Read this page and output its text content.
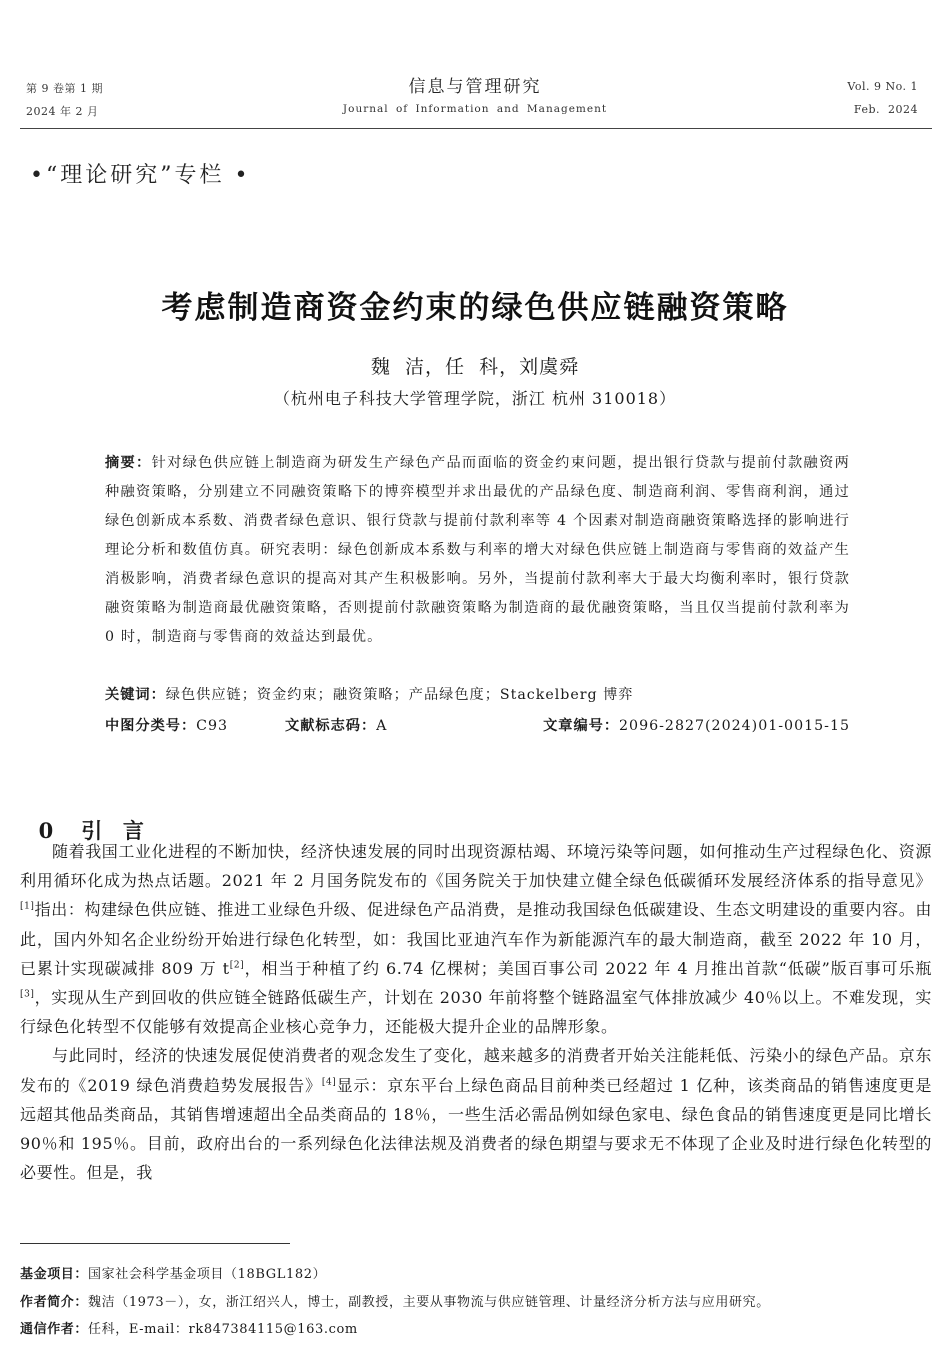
第 9 卷第 1 期
2024 年 2 月
信息与管理研究
Journal of Information and Management
Vol. 9 No. 1
Feb.  2024
•“理论研究”专栏 •
考虑制造商资金约束的绿色供应链融资策略
魏  洁，任  科，刘虞舜
（杭州电子科技大学管理学院，浙江 杭州 310018）
摘要：针对绿色供应链上制造商为研发生产绿色产品而面临的资金约束问题，提出银行贷款与提前付款融资两种融资策略，分别建立不同融资策略下的博弈模型并求出最优的产品绿色度、制造商利润、零售商利润，通过绿色创新成本系数、消费者绿色意识、银行贷款与提前付款利率等 4 个因素对制造商融资策略选择的影响进行理论分析和数值仿真。研究表明：绿色创新成本系数与利率的增大对绿色供应链上制造商与零售商的效益产生消极影响，消费者绿色意识的提高对其产生积极影响。另外，当提前付款利率大于最大均衡利率时，银行贷款融资策略为制造商最优融资策略，否则提前付款融资策略为制造商的最优融资策略，当且仅当提前付款利率为 0 时，制造商与零售商的效益达到最优。
关键词：绿色供应链；资金约束；融资策略；产品绿色度；Stackelberg 博弈
中图分类号：C93	文献标志码：A	文章编号：2096-2827(2024)01-0015-15

0 引  言

随着我国工业化进程的不断加快，经济快速发展的同时出现资源枯竭、环境污染等问题，如何推动生产过程绿色化、资源利用循环化成为热点话题。2021 年 2 月国务院发布的《国务院关于加快建立健全绿色低碳循环发展经济体系的指导意见》[1]指出：构建绿色供应链、推进工业绿色升级、促进绿色产品消费，是推动我国绿色低碳建设、生态文明建设的重要内容。由此，国内外知名企业纷纷开始进行绿色化转型，如：我国比亚迪汽车作为新能源汽车的最大制造商，截至 2022 年 10 月，已累计实现碳减排 809 万 t[2]，相当于种植了约 6.74 亿棵树；美国百事公司 2022 年 4 月推出首款“低碳”版百事可乐瓶[3]，实现从生产到回收的供应链全链路低碳生产，计划在 2030 年前将整个链路温室气体排放减少 40％以上。不难发现，实行绿色化转型不仅能够有效提高企业核心竞争力，还能极大提升企业的品牌形象。

与此同时，经济的快速发展促使消费者的观念发生了变化，越来越多的消费者开始关注能耗低、污染小的绿色产品。京东发布的《2019 绿色消费趋势发展报告》[4]显示：京东平台上绿色商品目前种类已经超过 1 亿种，该类商品的销售速度更是远超其他品类商品，其销售增速超出全品类商品的 18％，一些生活必需品例如绿色家电、绿色食品的销售速度更是同比增长 90％和 195％。目前，政府出台的一系列绿色化法律法规及消费者的绿色期望与要求无不体现了企业及时进行绿色化转型的必要性。但是，我

基金项目：国家社会科学基金项目（18BGL182）
作者简介：魏洁（1973－），女，浙江绍兴人，博士，副教授，主要从事物流与供应链管理、计量经济分析方法与应用研究。
通信作者：任科，E-mail：rk847384115@163.com
